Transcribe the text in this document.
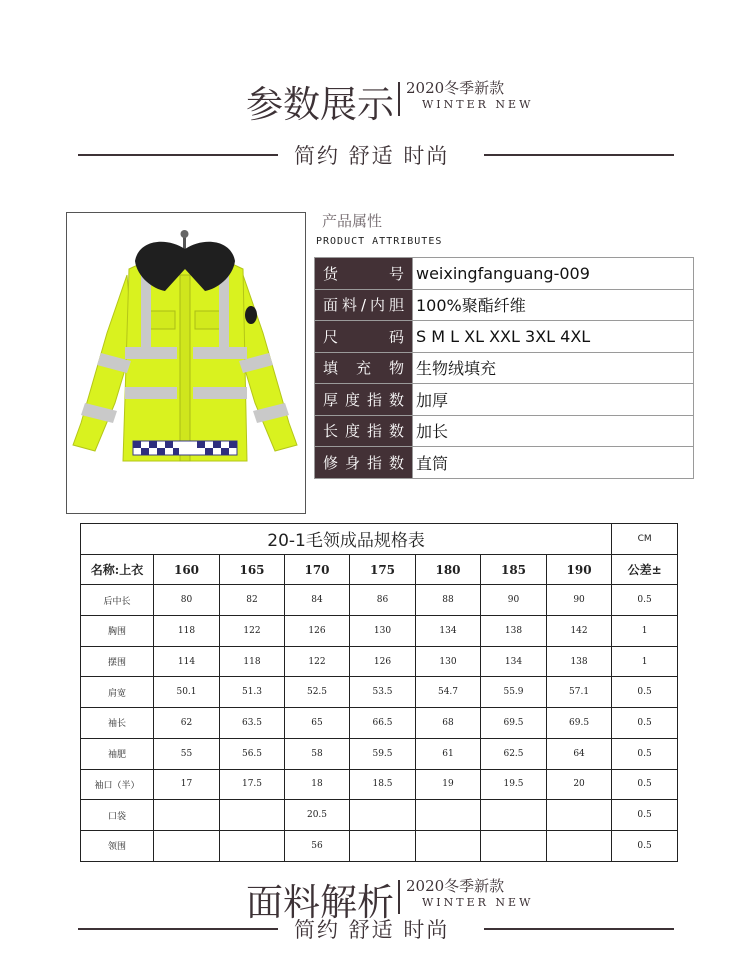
参数展示 2020冬季新款
WINTER NEW
简约 舒适 时尚
产品属性
PRODUCT ATTRIBUTES
货号	weixingfanguang-009
面料/内胆	100%聚酯纤维
尺码	S M L XL XXL 3XL 4XL
填充物	生物绒填充
厚度指数	加厚
长度指数	加长
修身指数	直筒
20-1毛领成品规格表								CM
名称:上衣	160	165	170	175	180	185	190	公差±
后中长	80	82	84	86	88	90	90	0.5
胸围	118	122	126	130	134	138	142	1
摆围	114	118	122	126	130	134	138	1
肩宽	50.1	51.3	52.5	53.5	54.7	55.9	57.1	0.5
袖长	62	63.5	65	66.5	68	69.5	69.5	0.5
袖肥	55	56.5	58	59.5	61	62.5	64	0.5
袖口（半）	17	17.5	18	18.5	19	19.5	20	0.5
口袋			20.5					0.5
领围			56					0.5
面料解析 2020冬季新款
WINTER NEW
简约 舒适 时尚
